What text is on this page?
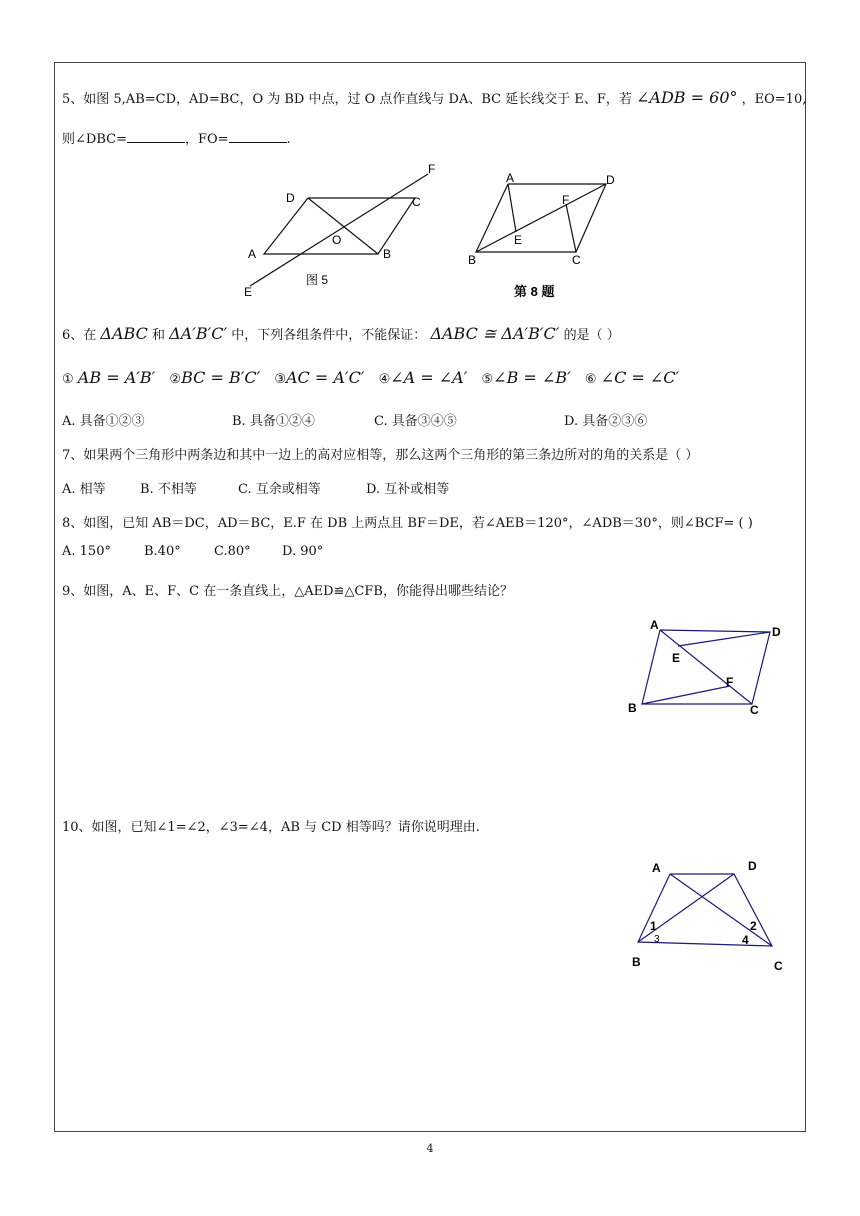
5、如图 5,AB=CD，AD=BC，O 为 BD 中点，过 O 点作直线与 DA、BC 延长线交于 E、F，若 ∠ADB = 60° ，EO=10,
则∠DBC=	，FO=	.
D	C
F
A	B
O
E
图 5
A	D
F
E
B	C
第 8 题
6、在 ΔABC 和 ΔA′B′C′ 中，下列各组条件中，不能保证： ΔABC ≅ ΔA′B′C′ 的是（ ）
① AB = A′B′ ②BC = B′C′ ③AC = A′C′ ④∠A = ∠A′ ⑤∠B = ∠B′ ⑥ ∠C = ∠C′
A. 具备①②③	B. 具备①②④	C. 具备③④⑤	D. 具备②③⑥
7、如果两个三角形中两条边和其中一边上的高对应相等，那么这两个三角形的第三条边所对的角的关系是（ ）
A. 相等	B. 不相等	C. 互余或相等	D. 互补或相等
8、如图，已知 AB＝DC，AD＝BC，E.F 在 DB 上两点且 BF＝DE，若∠AEB＝120°，∠ADB＝30°，则∠BCF= ( )
A. 150°	B.40°	C.80° D. 90°
9、如图，A、E、F、C 在一条直线上，△AED≌△CFB，你能得出哪些结论？
A	D
E
F
B	C
10、如图，已知∠1=∠2，∠3=∠4，AB 与 CD 相等吗？请你说明理由.
A	D
1
3
2
4
B	C
4
